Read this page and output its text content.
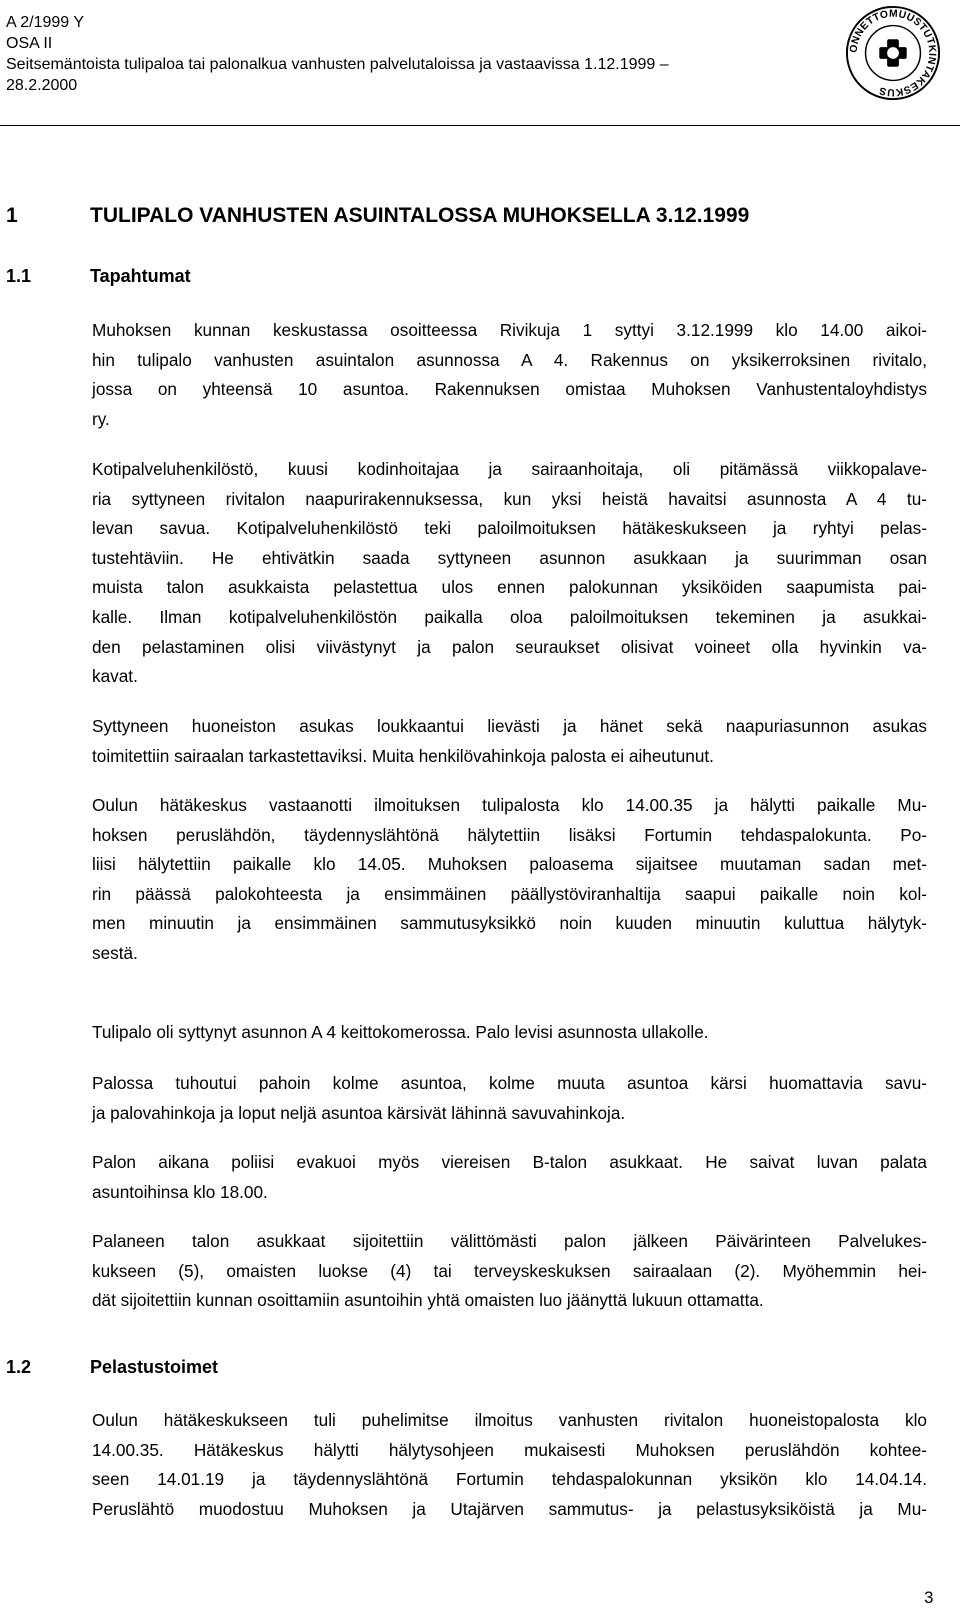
A 2/1999 Y
OSA II
Seitsemäntoista tulipaloa tai palonalkua vanhusten palvelutaloissa ja vastaavissa 1.12.1999 –
28.2.2000
ONNETTOMUUSTUTKINTAKESKUS
1	TULIPALO VANHUSTEN ASUINTALOSSA MUHOKSELLA 3.12.1999
1.1	Tapahtumat
Muhoksen kunnan keskustassa osoitteessa Rivikuja 1 syttyi 3.12.1999 klo 14.00 aikoi-
hin tulipalo vanhusten asuintalon asunnossa A 4. Rakennus on yksikerroksinen rivitalo,
jossa on yhteensä 10 asuntoa. Rakennuksen omistaa Muhoksen Vanhustentaloyhdistys
ry.
Kotipalveluhenkilöstö, kuusi kodinhoitajaa ja sairaanhoitaja, oli pitämässä viikkopalave-
ria syttyneen rivitalon naapurirakennuksessa, kun yksi heistä havaitsi asunnosta A 4 tu-
levan savua. Kotipalveluhenkilöstö teki paloilmoituksen hätäkeskukseen ja ryhtyi pelas-
tustehtäviin. He ehtivätkin saada syttyneen asunnon asukkaan ja suurimman osan
muista talon asukkaista pelastettua ulos ennen palokunnan yksiköiden saapumista pai-
kalle. Ilman kotipalveluhenkilöstön paikalla oloa paloilmoituksen tekeminen ja asukkai-
den pelastaminen olisi viivästynyt ja palon seuraukset olisivat voineet olla hyvinkin va-
kavat.
Syttyneen huoneiston asukas loukkaantui lievästi ja hänet sekä naapuriasunnon asukas
toimitettiin sairaalan tarkastettaviksi. Muita henkilövahinkoja palosta ei aiheutunut.
Oulun hätäkeskus vastaanotti ilmoituksen tulipalosta klo 14.00.35 ja hälytti paikalle Mu-
hoksen peruslähdön, täydennyslähtönä hälytettiin lisäksi Fortumin tehdaspalokunta. Po-
liisi hälytettiin paikalle klo 14.05. Muhoksen paloasema sijaitsee muutaman sadan met-
rin päässä palokohteesta ja ensimmäinen päällystöviranhaltija saapui paikalle noin kol-
men minuutin ja ensimmäinen sammutusyksikkö noin kuuden minuutin kuluttua hälytyk-
sestä.
Tulipalo oli syttynyt asunnon A 4 keittokomerossa. Palo levisi asunnosta ullakolle.
Palossa tuhoutui pahoin kolme asuntoa, kolme muuta asuntoa kärsi huomattavia savu-
ja palovahinkoja ja loput neljä asuntoa kärsivät lähinnä savuvahinkoja.
Palon aikana poliisi evakuoi myös viereisen B-talon asukkaat. He saivat luvan palata
asuntoihinsa klo 18.00.
Palaneen talon asukkaat sijoitettiin välittömästi palon jälkeen Päivärinteen Palvelukes-
kukseen (5), omaisten luokse (4) tai terveyskeskuksen sairaalaan (2). Myöhemmin hei-
dät sijoitettiin kunnan osoittamiin asuntoihin yhtä omaisten luo jäänyttä lukuun ottamatta.
1.2	Pelastustoimet
Oulun hätäkeskukseen tuli puhelimitse ilmoitus vanhusten rivitalon huoneistopalosta klo
14.00.35. Hätäkeskus hälytti hälytysohjeen mukaisesti Muhoksen peruslähdön kohtee-
seen 14.01.19 ja täydennyslähtönä Fortumin tehdaspalokunnan yksikön klo 14.04.14.
Peruslähtö muodostuu Muhoksen ja Utajärven sammutus- ja pelastusyksiköistä ja Mu-
3
